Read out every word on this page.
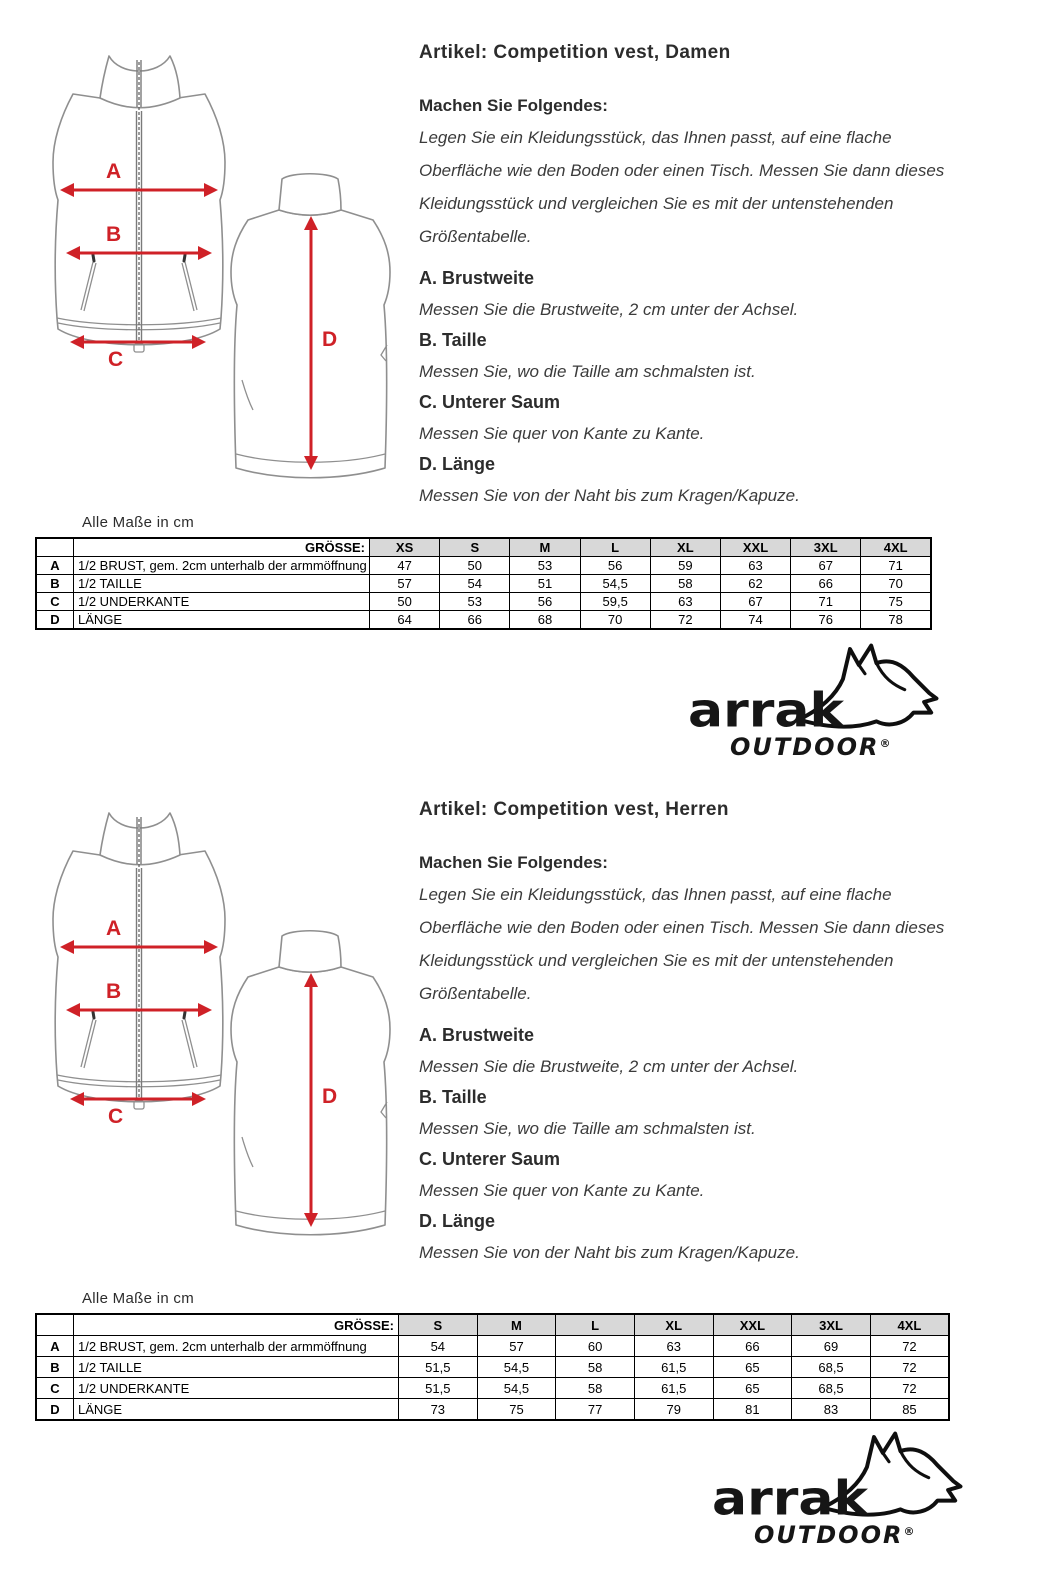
A
B
C
D
Artikel: Competition vest, Damen
Machen Sie Folgendes:
Legen Sie ein Kleidungsstück, das Ihnen passt, auf eine flache Oberfläche wie den Boden oder einen Tisch. Messen Sie dann dieses Kleidungsstück und vergleichen Sie es mit der untenstehenden Größentabelle.
A. Brustweite
Messen Sie die Brustweite, 2 cm unter der Achsel.
B. Taille
Messen Sie, wo die Taille am schmalsten ist.
C. Unterer Saum
Messen Sie quer von Kante zu Kante.
D. Länge
Messen Sie von der Naht bis zum Kragen/Kapuze.
Alle Maße in cm
	GRÖSSE:	XS	S	M	L	XL	XXL	3XL	4XL
A	1/2 BRUST, gem. 2cm unterhalb der armmöffnung	47	50	53	56	59	63	67	71
B	1/2 TAILLE	57	54	51	54,5	58	62	66	70
C	1/2 UNDERKANTE	50	53	56	59,5	63	67	71	75
D	LÄNGE	64	66	68	70	72	74	76	78
arrak
OUTDOOR®
A
B
C
D
Artikel: Competition vest, Herren
Machen Sie Folgendes:
Legen Sie ein Kleidungsstück, das Ihnen passt, auf eine flache Oberfläche wie den Boden oder einen Tisch. Messen Sie dann dieses Kleidungsstück und vergleichen Sie es mit der untenstehenden Größentabelle.
A. Brustweite
Messen Sie die Brustweite, 2 cm unter der Achsel.
B. Taille
Messen Sie, wo die Taille am schmalsten ist.
C. Unterer Saum
Messen Sie quer von Kante zu Kante.
D. Länge
Messen Sie von der Naht bis zum Kragen/Kapuze.
Alle Maße in cm
	GRÖSSE:	S	M	L	XL	XXL	3XL	4XL
A	1/2 BRUST, gem. 2cm unterhalb der armmöffnung	54	57	60	63	66	69	72
B	1/2 TAILLE	51,5	54,5	58	61,5	65	68,5	72
C	1/2 UNDERKANTE	51,5	54,5	58	61,5	65	68,5	72
D	LÄNGE	73	75	77	79	81	83	85
arrak
OUTDOOR®
